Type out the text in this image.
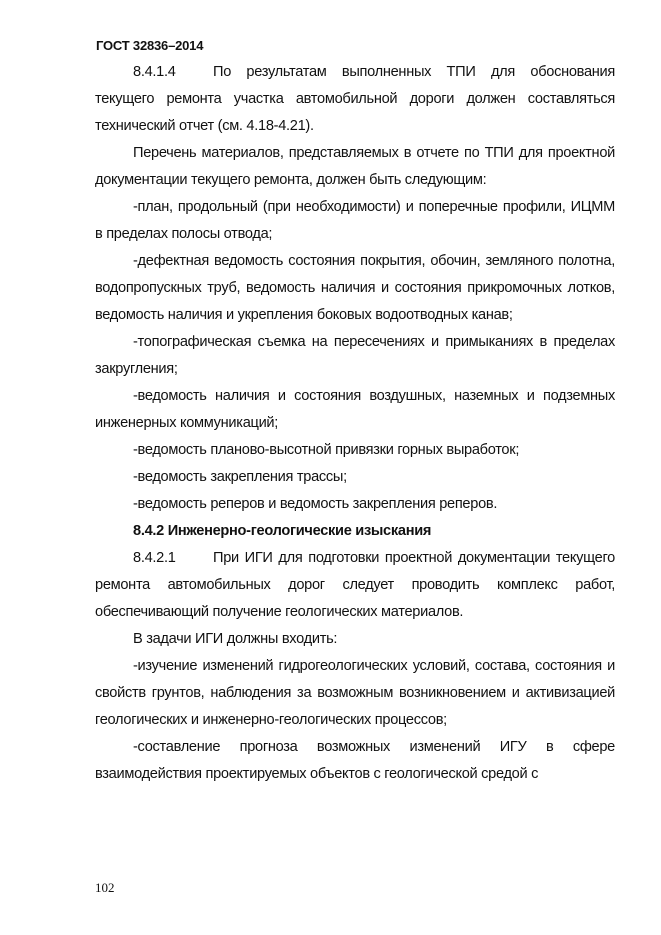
ГОСТ 32836–2014

8.4.1.4	По результатам выполненных ТПИ для обоснования текущего ремонта участка автомобильной дороги должен составляться технический отчет (см. 4.18-4.21).

Перечень материалов, представляемых в отчете по ТПИ для проектной документации текущего ремонта, должен быть следующим:

-план, продольный (при необходимости) и поперечные профили, ИЦММ в пределах полосы отвода;

-дефектная ведомость состояния покрытия, обочин, земляного полотна, водопропускных труб, ведомость наличия и состояния прикромочных лотков, ведомость наличия и укрепления боковых водоотводных канав;

-топографическая съемка на пересечениях и примыканиях в пределах закругления;

-ведомость наличия и состояния воздушных, наземных и подземных инженерных коммуникаций;

-ведомость планово-высотной привязки горных выработок;

-ведомость закрепления трассы;

-ведомость реперов и ведомость закрепления реперов.

8.4.2 Инженерно-геологические изыскания

8.4.2.1	При ИГИ для подготовки проектной документации текущего ремонта автомобильных дорог следует проводить комплекс работ, обеспечивающий получение геологических материалов.

В задачи ИГИ должны входить:

-изучение изменений гидрогеологических условий, состава, состояния и свойств грунтов, наблюдения за возможным возникновением и активизацией геологических и инженерно-геологических процессов;

-составление прогноза возможных изменений ИГУ в сфере взаимодействия проектируемых объектов с геологической средой с

102
